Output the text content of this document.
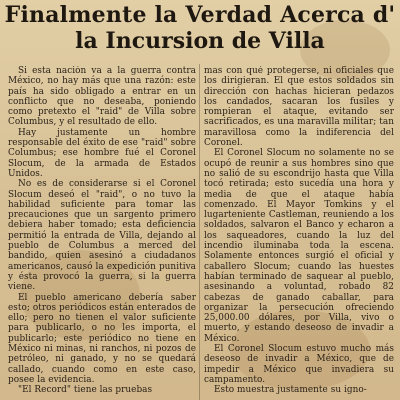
Finalmente la Verdad Acerca d'
la Incursion de Villa

Si esta nación va a la guerra contra México, no hay más que una razón: este país ha sido obligado a entrar en un conflicto que no deseaba, poniendo como pretexto el "raid" de Villa sobre Columbus, y el resultado de ello.

Hay justamente un hombre responsable del éxito de ese "raid" sobre Columbus; ese hombre fué el Coronel Slocum, de la armada de Estados Unidos.

No es de considerarse si el Coronel Slocum deseó el "raid", o no tuvo la habilidad suficiente para tomar las precauciones que un sargento primero debiera haber tomado; esta deficiencia permitió la entrada de Villa, dejando al pueblo de Columbus a merced del bandido, quien asesinó a ciudadanos americanos, causó la expedición punitiva y ésta provocó la guerra, si la guerra viene.

El pueblo americano debería saber esto; otros periódicos están enterados de ello; pero no tienen el valor suficiente para publicarlo, o no les importa, el publicarlo; este periódico no tiene en México ni minas, ni ranchos, ni pozos de petróleo, ni ganado, y no se quedará callado, cuando como en este caso, posee la evidencia.

"El Record" tiene las pruebas

mas con qué protegerse, ni oficiales que los dirigieran. El que estos soldados sin dirección con hachas hicieran pedazos los candados, sacaran los fusiles y rompieran el ataque, evitando ser sacrificados, es una maravilla militar; tan maravillosa como la indiferencia del Coronel.

El Coronel Slocum no solamente no se ocupó de reunir a sus hombres sino que no salió de su escondrijo hasta que Villa tocó retirada; esto sucedía una hora y media de que el ataque había comenzado. El Mayor Tomkins y el lugarteniente Castleman, reuniendo a los soldados, salvaron el Banco y echaron a los saqueadores, cuando la luz del incendio iluminaba toda la escena. Solamente entonces surgió el oficial y caballero Slocum; cuando las huestes habían terminado de saquear al pueblo, asesinando a voluntad, robado 82 cabezas de ganado caballar, para organizar la persecución ofreciendo 25,000.00 dólares, por Villa, vivo o muerto, y estando deseoso de invadir a México.

El Coronel Slocum estuvo mucho más deseoso de invadir a México, que de impedir a México que invadiera su campamento.

Esto muestra justamente su igno-
